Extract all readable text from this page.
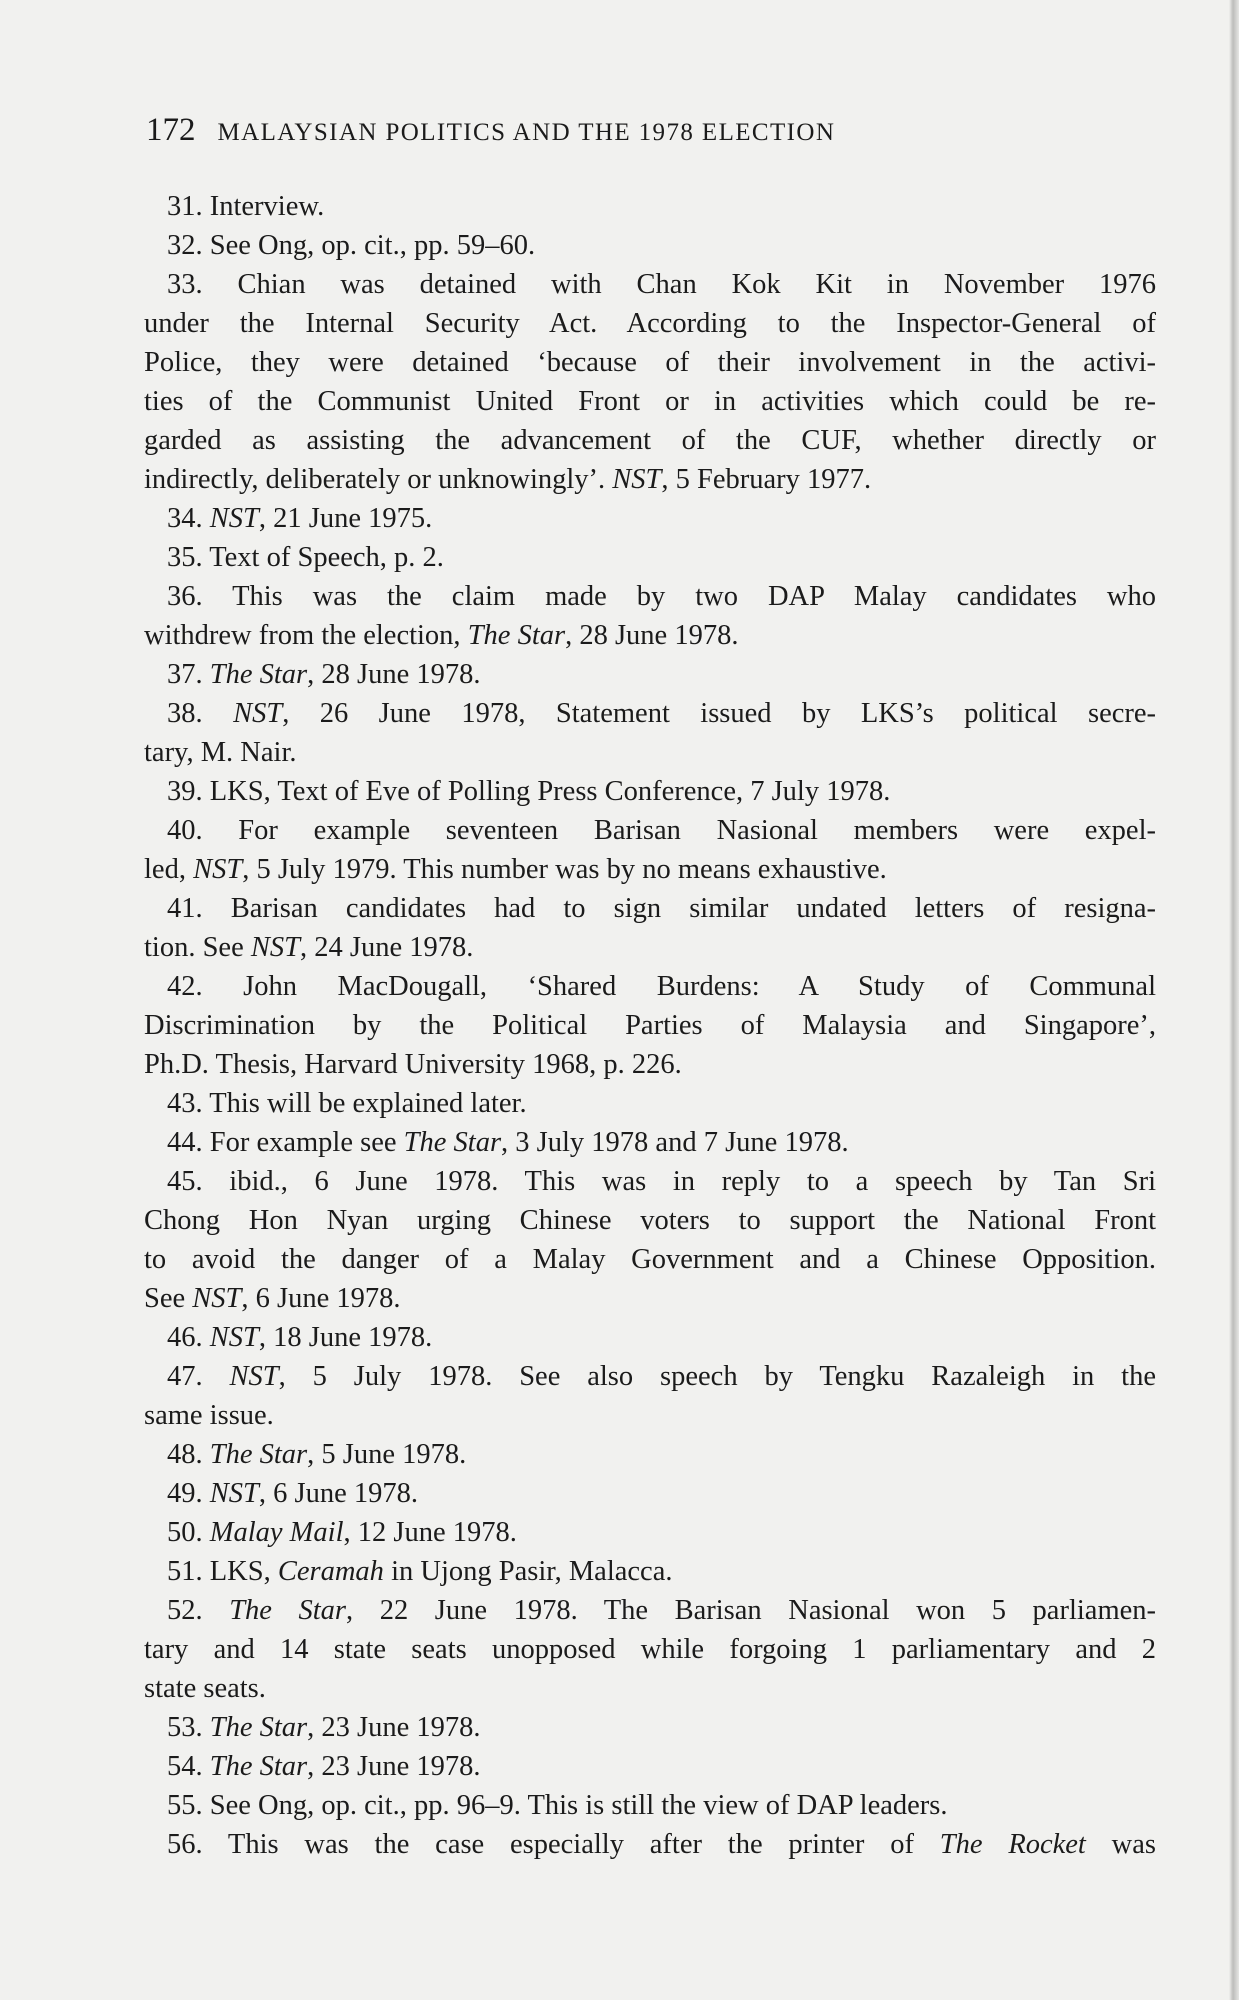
172 MALAYSIAN POLITICS AND THE 1978 ELECTION
31. Interview.
32. See Ong, op. cit., pp. 59–60.
33. Chian was detained with Chan Kok Kit in November 1976
under the Internal Security Act. According to the Inspector-General of
Police, they were detained ‘because of their involvement in the activi-
ties of the Communist United Front or in activities which could be re-
garded as assisting the advancement of the CUF, whether directly or
indirectly, deliberately or unknowingly’. NST, 5 February 1977.
34. NST, 21 June 1975.
35. Text of Speech, p. 2.
36. This was the claim made by two DAP Malay candidates who
withdrew from the election, The Star, 28 June 1978.
37. The Star, 28 June 1978.
38. NST, 26 June 1978, Statement issued by LKS’s political secre-
tary, M. Nair.
39. LKS, Text of Eve of Polling Press Conference, 7 July 1978.
40. For example seventeen Barisan Nasional members were expel-
led, NST, 5 July 1979. This number was by no means exhaustive.
41. Barisan candidates had to sign similar undated letters of resigna-
tion. See NST, 24 June 1978.
42. John MacDougall, ‘Shared Burdens: A Study of Communal
Discrimination by the Political Parties of Malaysia and Singapore’,
Ph.D. Thesis, Harvard University 1968, p. 226.
43. This will be explained later.
44. For example see The Star, 3 July 1978 and 7 June 1978.
45. ibid., 6 June 1978. This was in reply to a speech by Tan Sri
Chong Hon Nyan urging Chinese voters to support the National Front
to avoid the danger of a Malay Government and a Chinese Opposition.
See NST, 6 June 1978.
46. NST, 18 June 1978.
47. NST, 5 July 1978. See also speech by Tengku Razaleigh in the
same issue.
48. The Star, 5 June 1978.
49. NST, 6 June 1978.
50. Malay Mail, 12 June 1978.
51. LKS, Ceramah in Ujong Pasir, Malacca.
52. The Star, 22 June 1978. The Barisan Nasional won 5 parliamen-
tary and 14 state seats unopposed while forgoing 1 parliamentary and 2
state seats.
53. The Star, 23 June 1978.
54. The Star, 23 June 1978.
55. See Ong, op. cit., pp. 96–9. This is still the view of DAP leaders.
56. This was the case especially after the printer of The Rocket was
